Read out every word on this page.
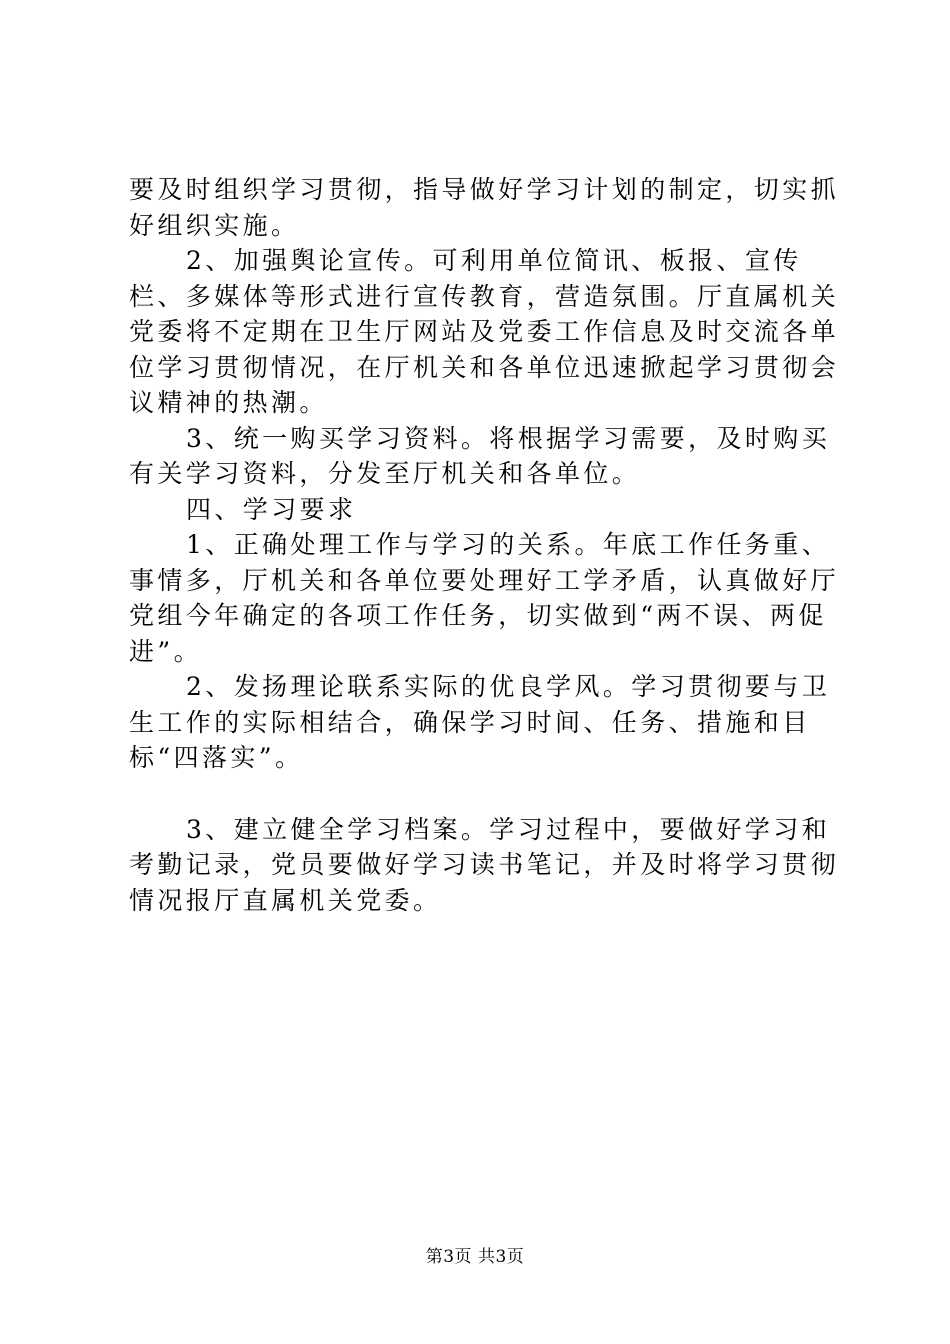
要及时组织学习贯彻，指导做好学习计划的制定，切实抓好组织实施。

2、加强舆论宣传。可利用单位简讯、板报、宣传栏、多媒体等形式进行宣传教育，营造氛围。厅直属机关党委将不定期在卫生厅网站及党委工作信息及时交流各单位学习贯彻情况，在厅机关和各单位迅速掀起学习贯彻会议精神的热潮。

3、统一购买学习资料。将根据学习需要，及时购买有关学习资料，分发至厅机关和各单位。

四、学习要求

1、正确处理工作与学习的关系。年底工作任务重、事情多，厅机关和各单位要处理好工学矛盾，认真做好厅党组今年确定的各项工作任务，切实做到“两不误、两促进”。

2、发扬理论联系实际的优良学风。学习贯彻要与卫生工作的实际相结合，确保学习时间、任务、措施和目标“四落实”。

3、建立健全学习档案。学习过程中，要做好学习和考勤记录，党员要做好学习读书笔记，并及时将学习贯彻情况报厅直属机关党委。

第3页 共3页
